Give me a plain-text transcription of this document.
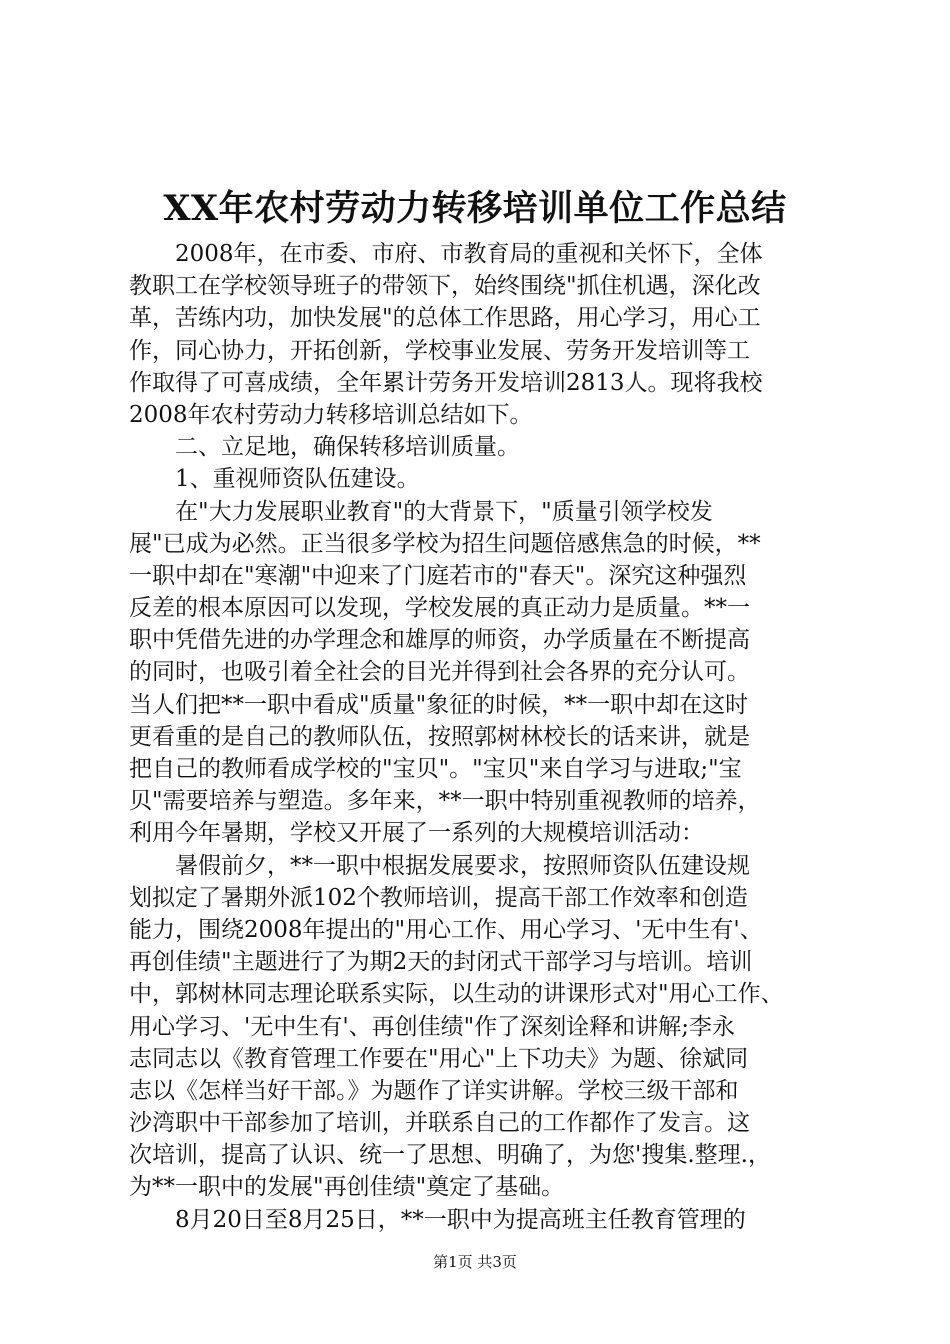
XX年农村劳动力转移培训单位工作总结
2008年，在市委、市府、市教育局的重视和关怀下，全体
教职工在学校领导班子的带领下，始终围绕"抓住机遇，深化改
革，苦练内功，加快发展"的总体工作思路，用心学习，用心工
作，同心协力，开拓创新，学校事业发展、劳务开发培训等工
作取得了可喜成绩，全年累计劳务开发培训2813人。现将我校
2008年农村劳动力转移培训总结如下。
二、立足地，确保转移培训质量。
1、重视师资队伍建设。
在"大力发展职业教育"的大背景下，"质量引领学校发
展"已成为必然。正当很多学校为招生问题倍感焦急的时候，**
一职中却在"寒潮"中迎来了门庭若市的"春天"。深究这种强烈
反差的根本原因可以发现，学校发展的真正动力是质量。**一
职中凭借先进的办学理念和雄厚的师资，办学质量在不断提高
的同时，也吸引着全社会的目光并得到社会各界的充分认可。
当人们把**一职中看成"质量"象征的时候，**一职中却在这时
更看重的是自己的教师队伍，按照郭树林校长的话来讲，就是
把自己的教师看成学校的"宝贝"。"宝贝"来自学习与进取;"宝
贝"需要培养与塑造。多年来，**一职中特别重视教师的培养，
利用今年暑期，学校又开展了一系列的大规模培训活动：
暑假前夕，**一职中根据发展要求，按照师资队伍建设规
划拟定了暑期外派102个教师培训，提高干部工作效率和创造
能力，围绕2008年提出的"用心工作、用心学习、'无中生有'、
再创佳绩"主题进行了为期2天的封闭式干部学习与培训。培训
中，郭树林同志理论联系实际，以生动的讲课形式对"用心工作、
用心学习、'无中生有'、再创佳绩"作了深刻诠释和讲解;李永
志同志以《教育管理工作要在"用心"上下功夫》为题、徐斌同
志以《怎样当好干部。》为题作了详实讲解。学校三级干部和
沙湾职中干部参加了培训，并联系自己的工作都作了发言。这
次培训，提高了认识、统一了思想、明确了，为您'搜集.整理.，
为**一职中的发展"再创佳绩"奠定了基础。
8月20日至8月25日，**一职中为提高班主任教育管理的
第1页 共3页
